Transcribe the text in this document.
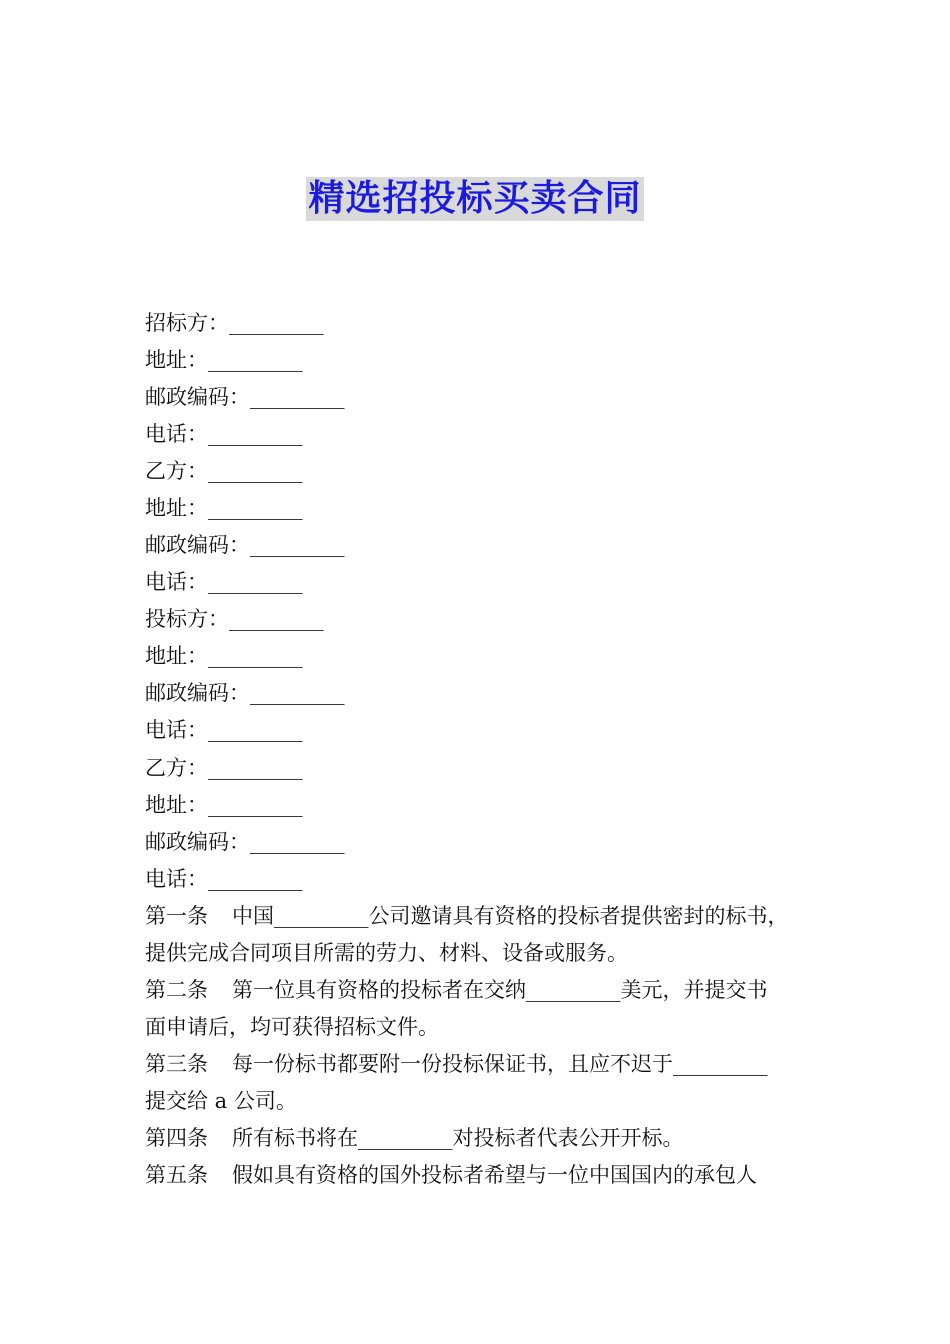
精选招投标买卖合同
招标方：_________
地址：_________
邮政编码：_________
电话：_________
乙方：_________
地址：_________
邮政编码：_________
电话：_________
投标方：_________
地址：_________
邮政编码：_________
电话：_________
乙方：_________
地址：_________
邮政编码：_________
电话：_________
第一条 中国_________公司邀请具有资格的投标者提供密封的标书，
提供完成合同项目所需的劳力、材料、设备或服务。
第二条 第一位具有资格的投标者在交纳_________美元，并提交书
面申请后，均可获得招标文件。
第三条 每一份标书都要附一份投标保证书，且应不迟于_________
提交给 a 公司。
第四条 所有标书将在_________对投标者代表公开开标。
第五条 假如具有资格的国外投标者希望与一位中国国内的承包人
